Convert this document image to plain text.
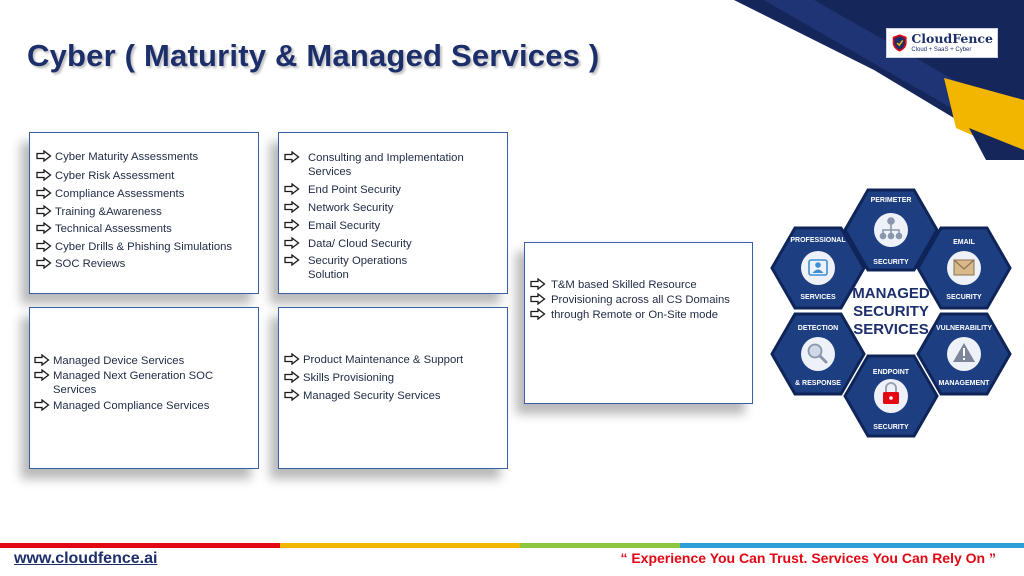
Cyber ( Maturity & Managed Services )	CloudFence
Cloud + SaaS + Cyber
Cyber Maturity Assessments
Cyber Risk Assessment
Compliance Assessments
Training &Awareness
Technical Assessments
Cyber Drills & Phishing Simulations
SOC Reviews
Consulting and Implementation Services
End Point Security
Network Security
Email Security
Data/ Cloud Security
Security Operations Solution
Managed Device Services
Managed Next Generation SOC Services
Managed Compliance Services
Product Maintenance & Support
Skills Provisioning
Managed Security Services
T&M based Skilled Resource Provisioning across all CS Domains through Remote or On-Site mode
PERIMETER
SECURITY
PROFESSIONAL
SERVICES
EMAIL
SECURITY
MANAGED
SECURITY
SERVICES
DETECTION
& RESPONSE
VULNERABILITY
MANAGEMENT
ENDPOINT
SECURITY
www.cloudfence.ai	“ Experience You Can Trust. Services You Can Rely On ”
